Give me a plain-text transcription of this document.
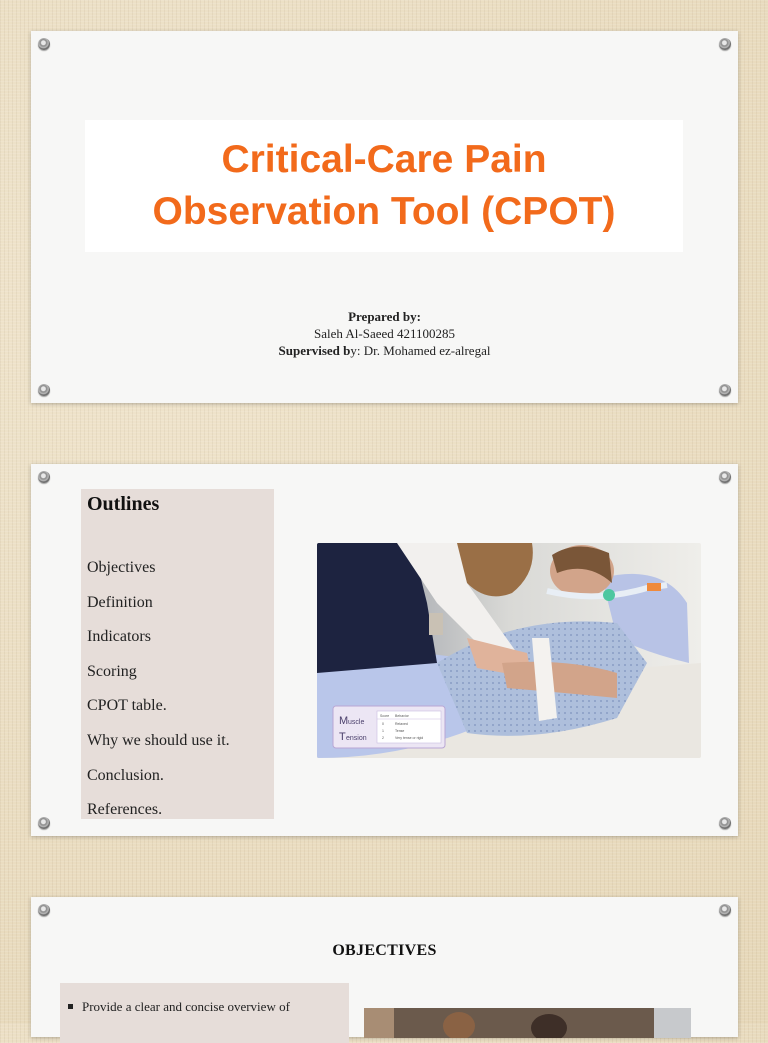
Critical-Care Pain
Observation Tool (CPOT)
Prepared by:
Saleh Al-Saeed 421100285
Supervised by: Dr. Mohamed ez-alregal
Outlines
Objectives
Definition
Indicators
Scoring
CPOT table.
Why we should use it.
Conclusion.
References.
M uscle
T ension
Score Behavior
0	Relaxed
1	Tense
2	Very tense or rigid
OBJECTIVES
Provide a clear and concise overview of
